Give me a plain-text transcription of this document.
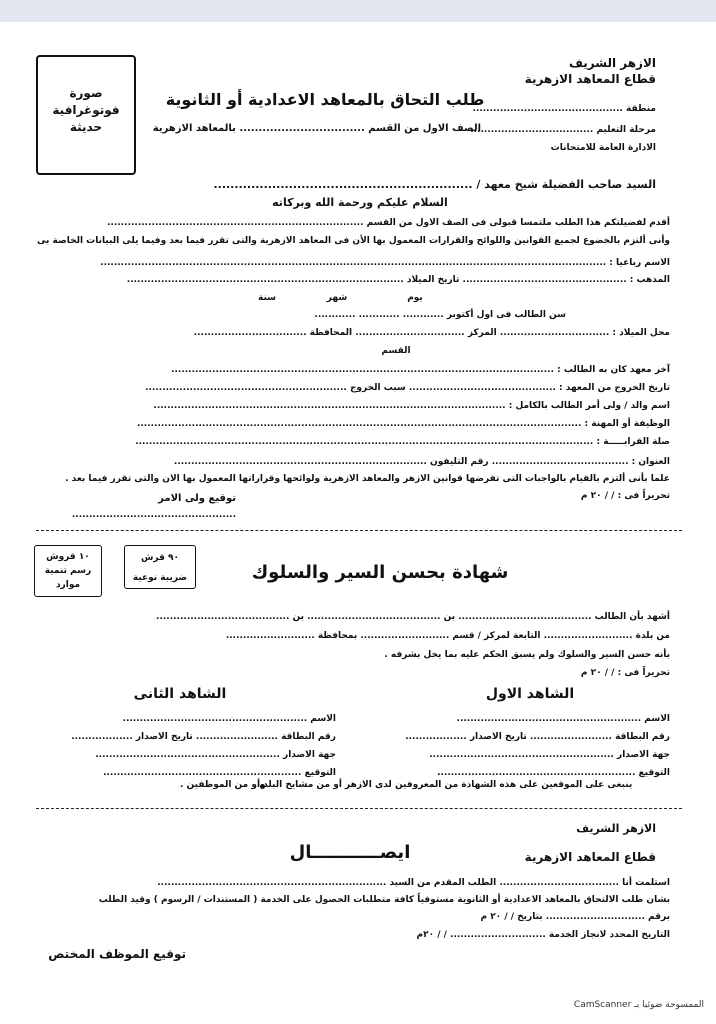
الازهر الشريف
قطاع المعاهد الازهرية
منطقة ............................................
مرحلة التعليم ....................................
الادارة العامة للامتحانات
صورة
فوتوغرافية
حديثة
طلب التحاق بالمعاهد الاعدادية أو الثانوية
الصف الاول من القسم ................................. بالمعاهد الازهرية
السيد صاحب الفضيلة شيخ معهد / ..............................................................
السلام عليكم ورحمة الله وبركاته
أقدم لفضيلتكم هذا الطلب ملتمسا قبولى فى الصف الاول من القسم ...........................................................................
وأنى ألتزم بالخضوع لجميع القوانين واللوائح والقرارات المعمول بها الأن فى المعاهد الازهرية والتى تقرر فيما بعد وفيما يلى البيانات الخاصة بى
الاسم رباعيا : ....................................................................................................................................................
المذهب : ................................................ تاريخ الميلاد .................................................................................
يوم
شهر
سنة
سن الطالب فى اول أكتوبر ............ ............ ............
محل الميلاد : ................................ المركز ................................ المحافظة .................................
القسم
آخر معهد كان به الطالب : ................................................................................................................
تاريخ الخروج من المعهد : ........................................... سبب الخروج ...........................................................
اسم والد / ولى أمر الطالب بالكامل : .......................................................................................................
الوظيفة أو المهنة : ..................................................................................................................................
صلة القرابـــــة : ......................................................................................................................................
العنوان : ........................................ رقم التليفون ..........................................................................
علما بأنى ألتزم بالقيام بالواجبات التى تفرضها قوانين الازهر والمعاهد الازهرية ولوائحها وقراراتها المعمول بها الان والتى تقرر فيما بعد .
تحريراً فى : / / ٢٠ م
توقيع ولى الامر
................................................
١٠ قروش
رسم تنمية
موارد
٩٠ قرش
ضريبة نوعية	شهادة بحسن السير والسلوك
أشهد بأن الطالب ....................................... بن ....................................... بن .......................................
من بلدة .......................... التابعة لمركز / قسم .......................... بمحافظة ..........................
بأنه حسن السير والسلوك ولم يسبق الحكم عليه بما يخل بشرفه .
تحريراً فى : / / ٢٠ م
الشاهد الاول
الشاهد الثانى
الاسم ......................................................
الاسم ......................................................
رقم البطاقة ........................ تاريخ الاصدار ..................
رقم البطاقة ........................ تاريخ الاصدار ..................
جهة الاصدار ......................................................
جهة الاصدار ......................................................
التوقيع ..........................................................
التوقيع ..........................................................
ينبغى على الموقعين على هذه الشهادة من المعروفين لدى الازهر أو من مشايخ البلد أو من الموظفين .
الازهر الشريف
قطاع المعاهد الازهرية
ايصـــــــــــال
استلمت أنا ................................... الطلب المقدم من السيد ...................................................................
بشان طلب الالتحاق بالمعاهد الاعدادية أو الثانوية مستوفياً كافة متطلبات الحصول على الخدمة ( المستندات / الرسوم ) وقيد الطلب
برقم ............................. بتاريخ / / ٢٠ م
التاريخ المحدد لانجاز الخدمة ............................ / / ٢٠م
توقيع الموظف المختص
الممسوحة ضوئيا بـ CamScanner
